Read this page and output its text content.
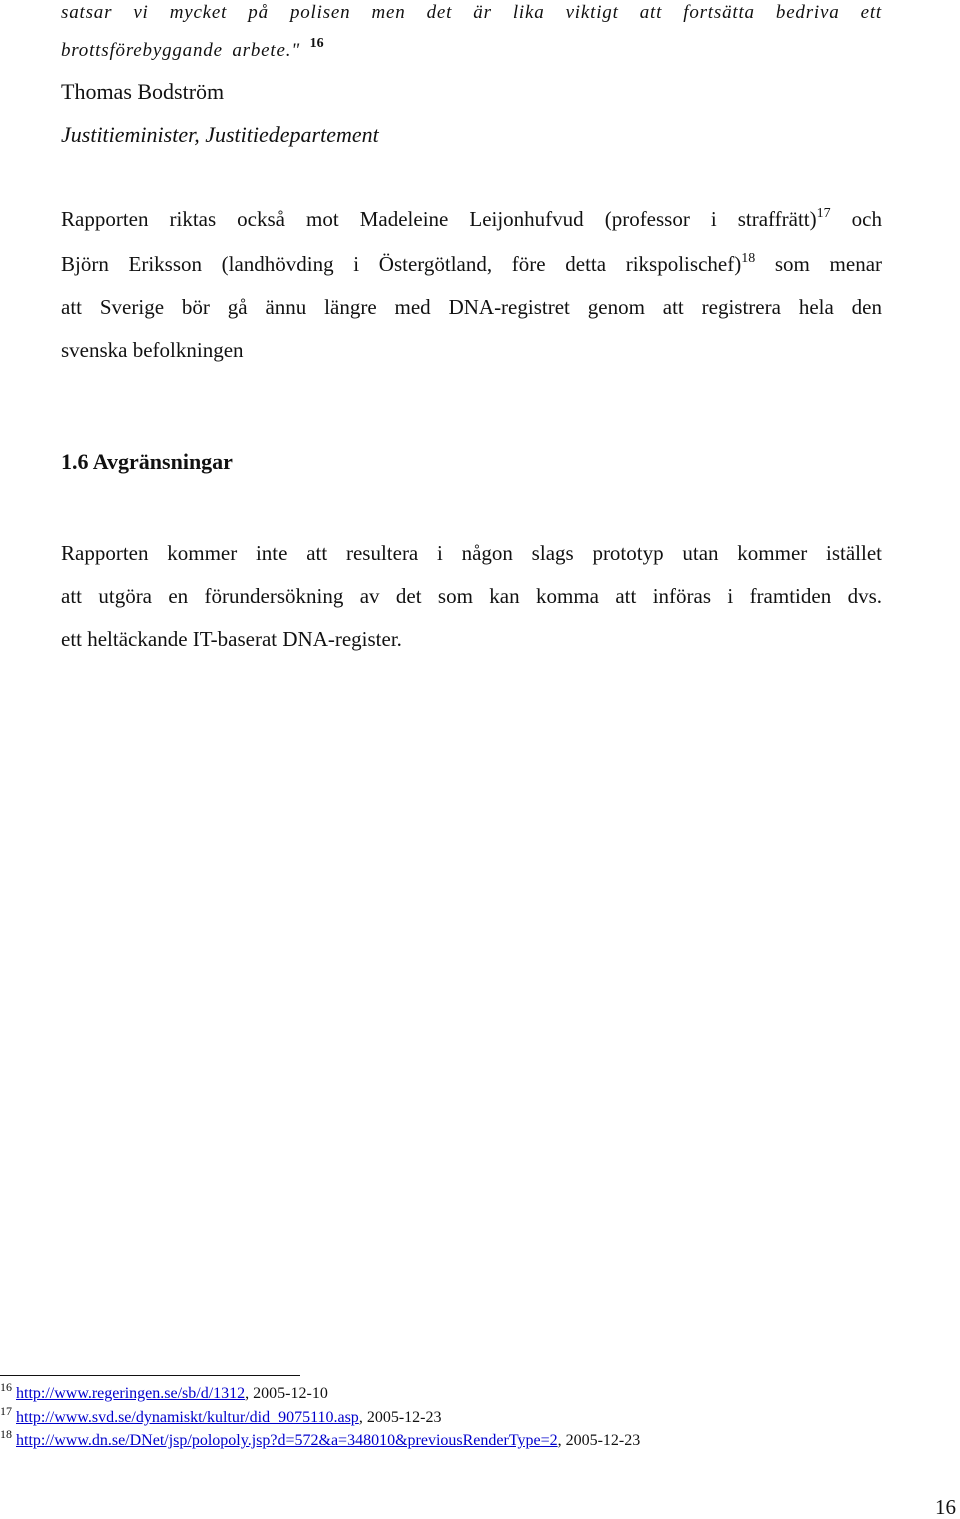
satsar vi mycket på polisen men det är lika viktigt att fortsätta bedriva ett
brottsförebyggande arbete." $^{16}$
Thomas Bodström
Justitieminister, Justitiedepartement
Rapporten riktas också mot Madeleine Leijonhufvud (professor i straffrätt)$^{17}$ och
Björn Eriksson (landhövding i Östergötland, före detta rikspolischef)$^{18}$ som menar
att Sverige bör gå ännu längre med DNA-registret genom att registrera hela den
svenska befolkningen
1.6 Avgränsningar
Rapporten kommer inte att resultera i någon slags prototyp utan kommer istället
att utgöra en förundersökning av det som kan komma att införas i framtiden dvs.
ett heltäckande IT-baserat DNA-register.
$^{16}$ http://www.regeringen.se/sb/d/1312, 2005-12-10
$^{17}$ http://www.svd.se/dynamiskt/kultur/did_9075110.asp, 2005-12-23
$^{18}$ http://www.dn.se/DNet/jsp/polopoly.jsp?d=572&a=348010&previousRenderType=2, 2005-12-23
16
